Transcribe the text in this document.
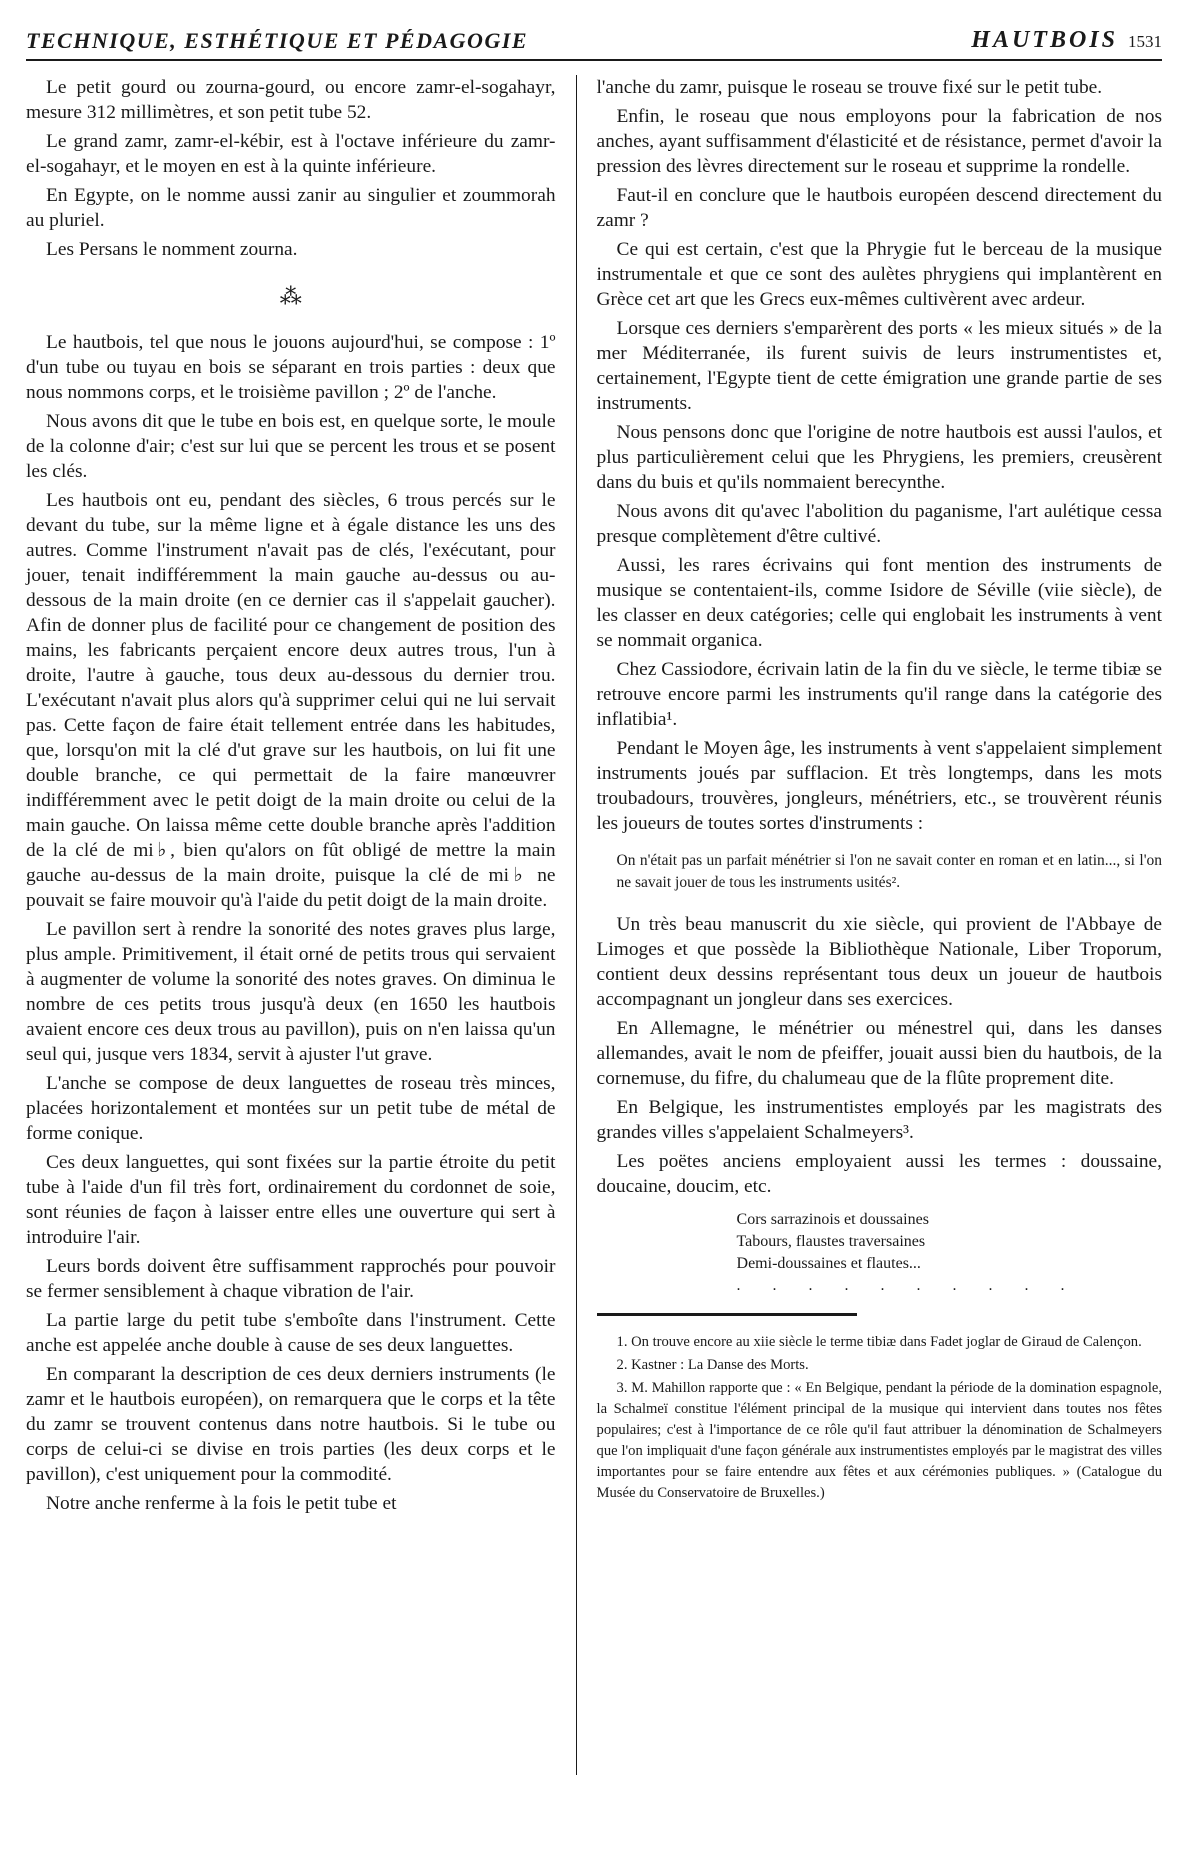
TECHNIQUE, ESTHÉTIQUE ET PÉDAGOGIE	HAUTBOIS 1531

Le petit gourd ou zourna-gourd, ou encore zamr-el-sogahayr, mesure 312 millimètres, et son petit tube 52.

Le grand zamr, zamr-el-kébir, est à l'octave inférieure du zamr-el-sogahayr, et le moyen en est à la quinte inférieure.

En Egypte, on le nomme aussi zanir au singulier et zoummorah au pluriel.

Les Persans le nomment zourna.

⁂

Le hautbois, tel que nous le jouons aujourd'hui, se compose : 1º d'un tube ou tuyau en bois se séparant en trois parties : deux que nous nommons corps, et le troisième pavillon ; 2º de l'anche.

Nous avons dit que le tube en bois est, en quelque sorte, le moule de la colonne d'air; c'est sur lui que se percent les trous et se posent les clés.

Les hautbois ont eu, pendant des siècles, 6 trous percés sur le devant du tube, sur la même ligne et à égale distance les uns des autres. Comme l'instrument n'avait pas de clés, l'exécutant, pour jouer, tenait indifféremment la main gauche au-dessus ou au-dessous de la main droite (en ce dernier cas il s'appelait gaucher). Afin de donner plus de facilité pour ce changement de position des mains, les fabricants perçaient encore deux autres trous, l'un à droite, l'autre à gauche, tous deux au-dessous du dernier trou. L'exécutant n'avait plus alors qu'à supprimer celui qui ne lui servait pas. Cette façon de faire était tellement entrée dans les habitudes, que, lorsqu'on mit la clé d'ut grave sur les hautbois, on lui fit une double branche, ce qui permettait de la faire manœuvrer indifféremment avec le petit doigt de la main droite ou celui de la main gauche. On laissa même cette double branche après l'addition de la clé de mi♭, bien qu'alors on fût obligé de mettre la main gauche au-dessus de la main droite, puisque la clé de mi♭ ne pouvait se faire mouvoir qu'à l'aide du petit doigt de la main droite.

Le pavillon sert à rendre la sonorité des notes graves plus large, plus ample. Primitivement, il était orné de petits trous qui servaient à augmenter de volume la sonorité des notes graves. On diminua le nombre de ces petits trous jusqu'à deux (en 1650 les hautbois avaient encore ces deux trous au pavillon), puis on n'en laissa qu'un seul qui, jusque vers 1834, servit à ajuster l'ut grave.

L'anche se compose de deux languettes de roseau très minces, placées horizontalement et montées sur un petit tube de métal de forme conique.

Ces deux languettes, qui sont fixées sur la partie étroite du petit tube à l'aide d'un fil très fort, ordinairement du cordonnet de soie, sont réunies de façon à laisser entre elles une ouverture qui sert à introduire l'air.

Leurs bords doivent être suffisamment rapprochés pour pouvoir se fermer sensiblement à chaque vibration de l'air.

La partie large du petit tube s'emboîte dans l'instrument. Cette anche est appelée anche double à cause de ses deux languettes.

En comparant la description de ces deux derniers instruments (le zamr et le hautbois européen), on remarquera que le corps et la tête du zamr se trouvent contenus dans notre hautbois. Si le tube ou corps de celui-ci se divise en trois parties (les deux corps et le pavillon), c'est uniquement pour la commodité.

Notre anche renferme à la fois le petit tube et

l'anche du zamr, puisque le roseau se trouve fixé sur le petit tube.

Enfin, le roseau que nous employons pour la fabrication de nos anches, ayant suffisamment d'élasticité et de résistance, permet d'avoir la pression des lèvres directement sur le roseau et supprime la rondelle.

Faut-il en conclure que le hautbois européen descend directement du zamr ?

Ce qui est certain, c'est que la Phrygie fut le berceau de la musique instrumentale et que ce sont des aulètes phrygiens qui implantèrent en Grèce cet art que les Grecs eux-mêmes cultivèrent avec ardeur.

Lorsque ces derniers s'emparèrent des ports « les mieux situés » de la mer Méditerranée, ils furent suivis de leurs instrumentistes et, certainement, l'Egypte tient de cette émigration une grande partie de ses instruments.

Nous pensons donc que l'origine de notre hautbois est aussi l'aulos, et plus particulièrement celui que les Phrygiens, les premiers, creusèrent dans du buis et qu'ils nommaient berecynthe.

Nous avons dit qu'avec l'abolition du paganisme, l'art aulétique cessa presque complètement d'être cultivé.

Aussi, les rares écrivains qui font mention des instruments de musique se contentaient-ils, comme Isidore de Séville (viie siècle), de les classer en deux catégories; celle qui englobait les instruments à vent se nommait organica.

Chez Cassiodore, écrivain latin de la fin du ve siècle, le terme tibiæ se retrouve encore parmi les instruments qu'il range dans la catégorie des inflatibia¹.

Pendant le Moyen âge, les instruments à vent s'appelaient simplement instruments joués par sufflacion. Et très longtemps, dans les mots troubadours, trouvères, jongleurs, ménétriers, etc., se trouvèrent réunis les joueurs de toutes sortes d'instruments :

On n'était pas un parfait ménétrier si l'on ne savait conter en roman et en latin..., si l'on ne savait jouer de tous les instruments usités².

Un très beau manuscrit du xie siècle, qui provient de l'Abbaye de Limoges et que possède la Bibliothèque Nationale, Liber Troporum, contient deux dessins représentant tous deux un joueur de hautbois accompagnant un jongleur dans ses exercices.

En Allemagne, le ménétrier ou ménestrel qui, dans les danses allemandes, avait le nom de pfeiffer, jouait aussi bien du hautbois, de la cornemuse, du fifre, du chalumeau que de la flûte proprement dite.

En Belgique, les instrumentistes employés par les magistrats des grandes villes s'appelaient Schalmeyers³.

Les poëtes anciens employaient aussi les termes : doussaine, doucaine, doucim, etc.

Cors sarrazinois et doussaines
Tabours, flaustes traversaines
Demi-doussaines et flautes...
. . . . . . . . . .

1. On trouve encore au xiie siècle le terme tibiæ dans Fadet joglar de Giraud de Calençon.

2. Kastner : La Danse des Morts.

3. M. Mahillon rapporte que : « En Belgique, pendant la période de la domination espagnole, la Schalmeï constitue l'élément principal de la musique qui intervient dans toutes nos fêtes populaires; c'est à l'importance de ce rôle qu'il faut attribuer la dénomination de Schalmeyers que l'on impliquait d'une façon générale aux instrumentistes employés par le magistrat des villes importantes pour se faire entendre aux fêtes et aux cérémonies publiques. » (Catalogue du Musée du Conservatoire de Bruxelles.)
